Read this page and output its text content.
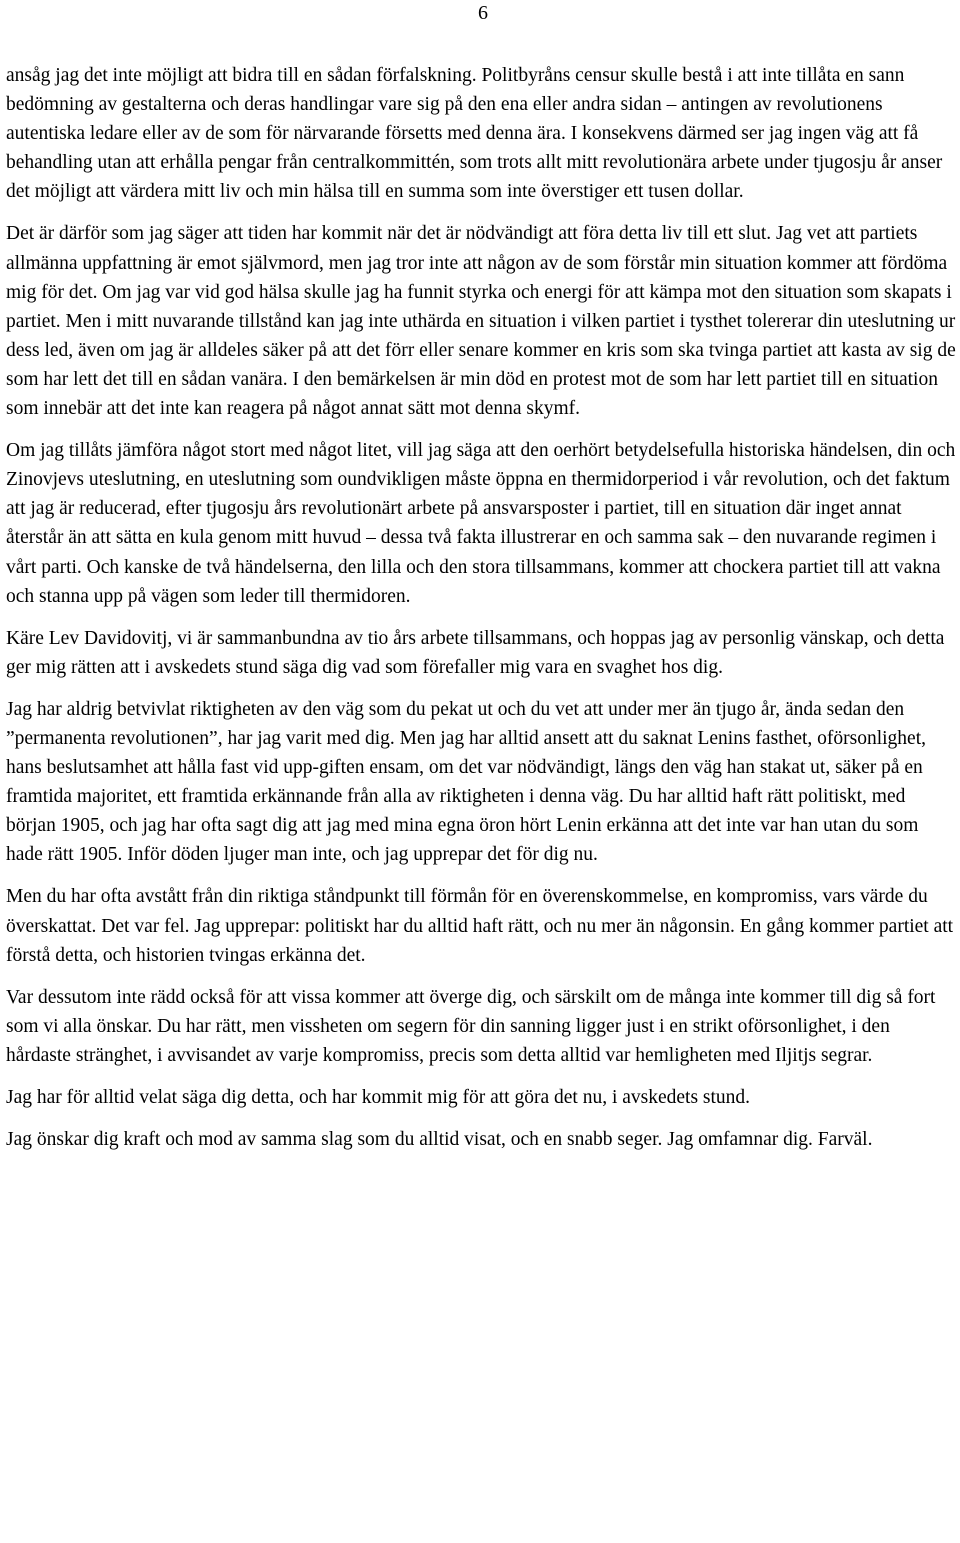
6

ansåg jag det inte möjligt att bidra till en sådan förfalskning. Politbyråns censur skulle bestå i att inte tillåta en sann bedömning av gestalterna och deras handlingar vare sig på den ena eller andra sidan – antingen av revolutionens autentiska ledare eller av de som för närvarande försetts med denna ära. I konsekvens därmed ser jag ingen väg att få behandling utan att erhålla pengar från centralkommittén, som trots allt mitt revolutionära arbete under tjugosju år anser det möjligt att värdera mitt liv och min hälsa till en summa som inte överstiger ett tusen dollar.

Det är därför som jag säger att tiden har kommit när det är nödvändigt att föra detta liv till ett slut. Jag vet att partiets allmänna uppfattning är emot självmord, men jag tror inte att någon av de som förstår min situation kommer att fördöma mig för det. Om jag var vid god hälsa skulle jag ha funnit styrka och energi för att kämpa mot den situation som skapats i partiet. Men i mitt nuvarande tillstånd kan jag inte uthärda en situation i vilken partiet i tysthet tolererar din uteslutning ur dess led, även om jag är alldeles säker på att det förr eller senare kommer en kris som ska tvinga partiet att kasta av sig de som har lett det till en sådan vanära. I den bemärkelsen är min död en protest mot de som har lett partiet till en situation som innebär att det inte kan reagera på något annat sätt mot denna skymf.

Om jag tillåts jämföra något stort med något litet, vill jag säga att den oerhört betydelsefulla historiska händelsen, din och Zinovjevs uteslutning, en uteslutning som oundvikligen måste öppna en thermidorperiod i vår revolution, och det faktum att jag är reducerad, efter tjugosju års revolutionärt arbete på ansvarsposter i partiet, till en situation där inget annat återstår än att sätta en kula genom mitt huvud – dessa två fakta illustrerar en och samma sak – den nuvarande regimen i vårt parti. Och kanske de två händelserna, den lilla och den stora tillsammans, kommer att chockera partiet till att vakna och stanna upp på vägen som leder till thermidoren.

Käre Lev Davidovitj, vi är sammanbundna av tio års arbete tillsammans, och hoppas jag av personlig vänskap, och detta ger mig rätten att i avskedets stund säga dig vad som förefaller mig vara en svaghet hos dig.

Jag har aldrig betvivlat riktigheten av den väg som du pekat ut och du vet att under mer än tjugo år, ända sedan den ”permanenta revolutionen”, har jag varit med dig. Men jag har alltid ansett att du saknat Lenins fasthet, oförsonlighet, hans beslutsamhet att hålla fast vid upp-giften ensam, om det var nödvändigt, längs den väg han stakat ut, säker på en framtida majoritet, ett framtida erkännande från alla av riktigheten i denna väg. Du har alltid haft rätt politiskt, med början 1905, och jag har ofta sagt dig att jag med mina egna öron hört Lenin erkänna att det inte var han utan du som hade rätt 1905. Inför döden ljuger man inte, och jag upprepar det för dig nu.

Men du har ofta avstått från din riktiga ståndpunkt till förmån för en överenskommelse, en kompromiss, vars värde du överskattat. Det var fel. Jag upprepar: politiskt har du alltid haft rätt, och nu mer än någonsin. En gång kommer partiet att förstå detta, och historien tvingas erkänna det.

Var dessutom inte rädd också för att vissa kommer att överge dig, och särskilt om de många inte kommer till dig så fort som vi alla önskar. Du har rätt, men vissheten om segern för din sanning ligger just i en strikt oförsonlighet, i den hårdaste stränghet, i avvisandet av varje kompromiss, precis som detta alltid var hemligheten med Iljitjs segrar.

Jag har för alltid velat säga dig detta, och har kommit mig för att göra det nu, i avskedets stund.

Jag önskar dig kraft och mod av samma slag som du alltid visat, och en snabb seger. Jag omfamnar dig. Farväl.
